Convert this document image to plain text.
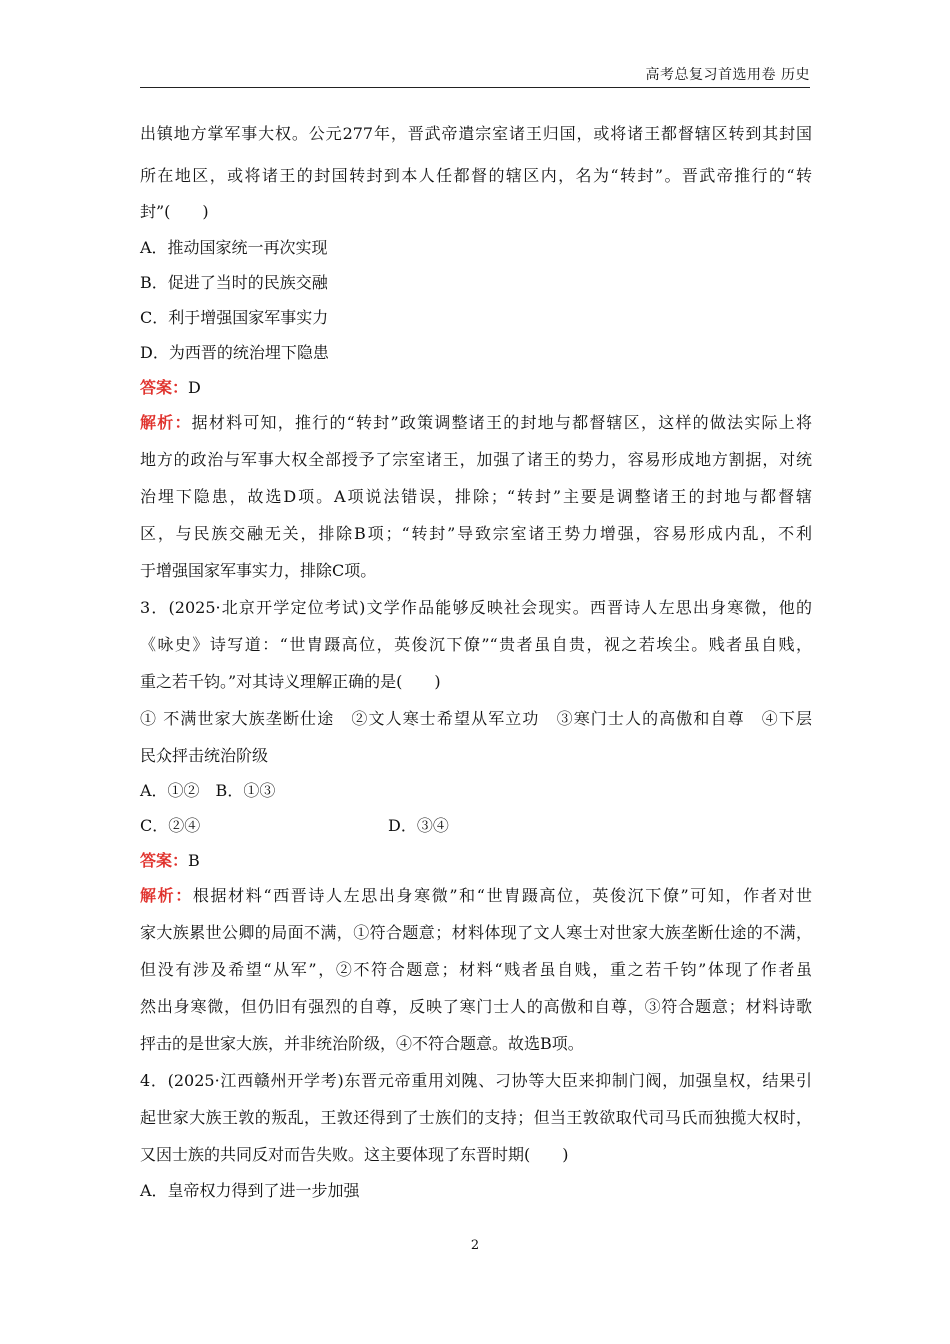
高考总复习首选用卷 历史
出镇地方掌军事大权。公元277年，晋武帝遣宗室诸王归国，或将诸王都督辖区转到其封国
所在地区，或将诸王的封国转封到本人任都督的辖区内，名为“转封”。晋武帝推行的“转
封”(　　)
A．推动国家统一再次实现
B．促进了当时的民族交融
C．利于增强国家军事实力
D．为西晋的统治埋下隐患
答案：D
解析：据材料可知，推行的“转封”政策调整诸王的封地与都督辖区，这样的做法实际上将
地方的政治与军事大权全部授予了宗室诸王，加强了诸王的势力，容易形成地方割据，对统
治埋下隐患，故选D项。A项说法错误，排除；“转封”主要是调整诸王的封地与都督辖
区，与民族交融无关，排除B项；“转封”导致宗室诸王势力增强，容易形成内乱，不利
于增强国家军事实力，排除C项。
3．(2025·北京开学定位考试)文学作品能够反映社会现实。西晋诗人左思出身寒微，他的
《咏史》诗写道：“世胄蹑高位，英俊沉下僚”“贵者虽自贵，视之若埃尘。贱者虽自贱，
重之若千钧。”对其诗义理解正确的是(　　)
① 不满世家大族垄断仕途　②文人寒士希望从军立功　③寒门士人的高傲和自尊　④下层
民众抨击统治阶级
A．①②　B．①③
C．②④	D．③④
答案：B
解析：根据材料“西晋诗人左思出身寒微”和“世胄蹑高位，英俊沉下僚”可知，作者对世
家大族累世公卿的局面不满，①符合题意；材料体现了文人寒士对世家大族垄断仕途的不满，
但没有涉及希望“从军”，②不符合题意；材料“贱者虽自贱，重之若千钧”体现了作者虽
然出身寒微，但仍旧有强烈的自尊，反映了寒门士人的高傲和自尊，③符合题意；材料诗歌
抨击的是世家大族，并非统治阶级，④不符合题意。故选B项。
4．(2025·江西赣州开学考)东晋元帝重用刘隗、刁协等大臣来抑制门阀，加强皇权，结果引
起世家大族王敦的叛乱，王敦还得到了士族们的支持；但当王敦欲取代司马氏而独揽大权时，
又因士族的共同反对而告失败。这主要体现了东晋时期(　　)
A．皇帝权力得到了进一步加强
2
